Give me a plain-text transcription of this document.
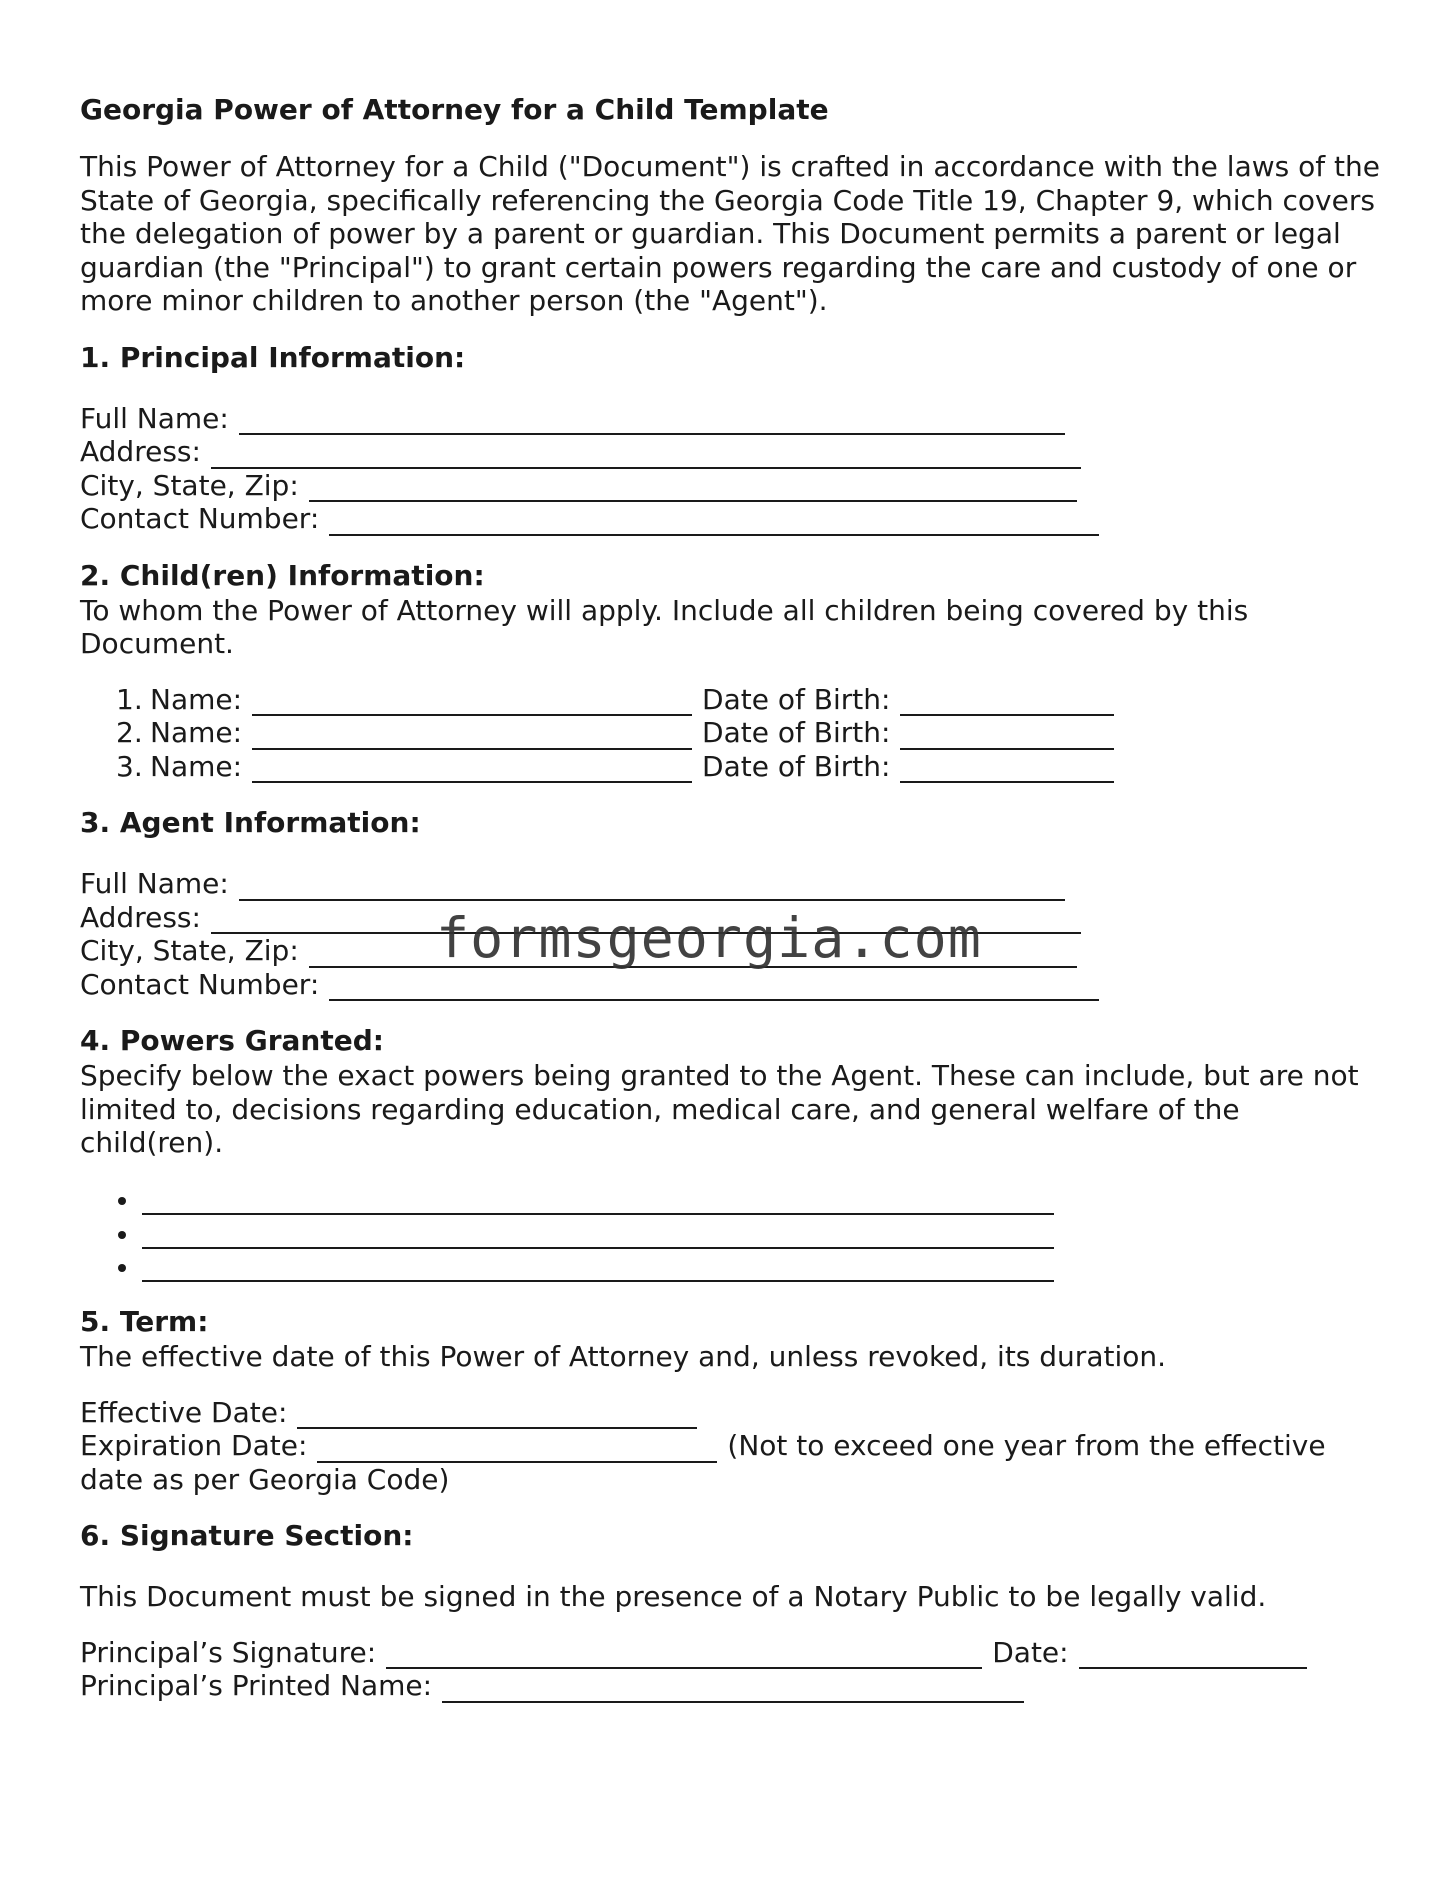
Georgia Power of Attorney for a Child Template
This Power of Attorney for a Child ("Document") is crafted in accordance with the laws of the State of Georgia, specifically referencing the Georgia Code Title 19, Chapter 9, which covers the delegation of power by a parent or guardian. This Document permits a parent or legal guardian (the "Principal") to grant certain powers regarding the care and custody of one or more minor children to another person (the "Agent").
1. Principal Information:
Full Name:
Address:
City, State, Zip:
Contact Number:
2. Child(ren) Information:
To whom the Power of Attorney will apply. Include all children being covered by this Document.
1. Name:	Date of Birth:
2. Name:	Date of Birth:
3. Name:	Date of Birth:
3. Agent Information:
Full Name:
Address:
City, State, Zip:
Contact Number:
4. Powers Granted:
Specify below the exact powers being granted to the Agent. These can include, but are not limited to, decisions regarding education, medical care, and general welfare of the child(ren).
5. Term:
The effective date of this Power of Attorney and, unless revoked, its duration.
Effective Date:
Expiration Date:	(Not to exceed one year from the effective
date as per Georgia Code)
6. Signature Section:
This Document must be signed in the presence of a Notary Public to be legally valid.
Principal’s Signature:	Date:
Principal’s Printed Name:
formsgeorgia.com
